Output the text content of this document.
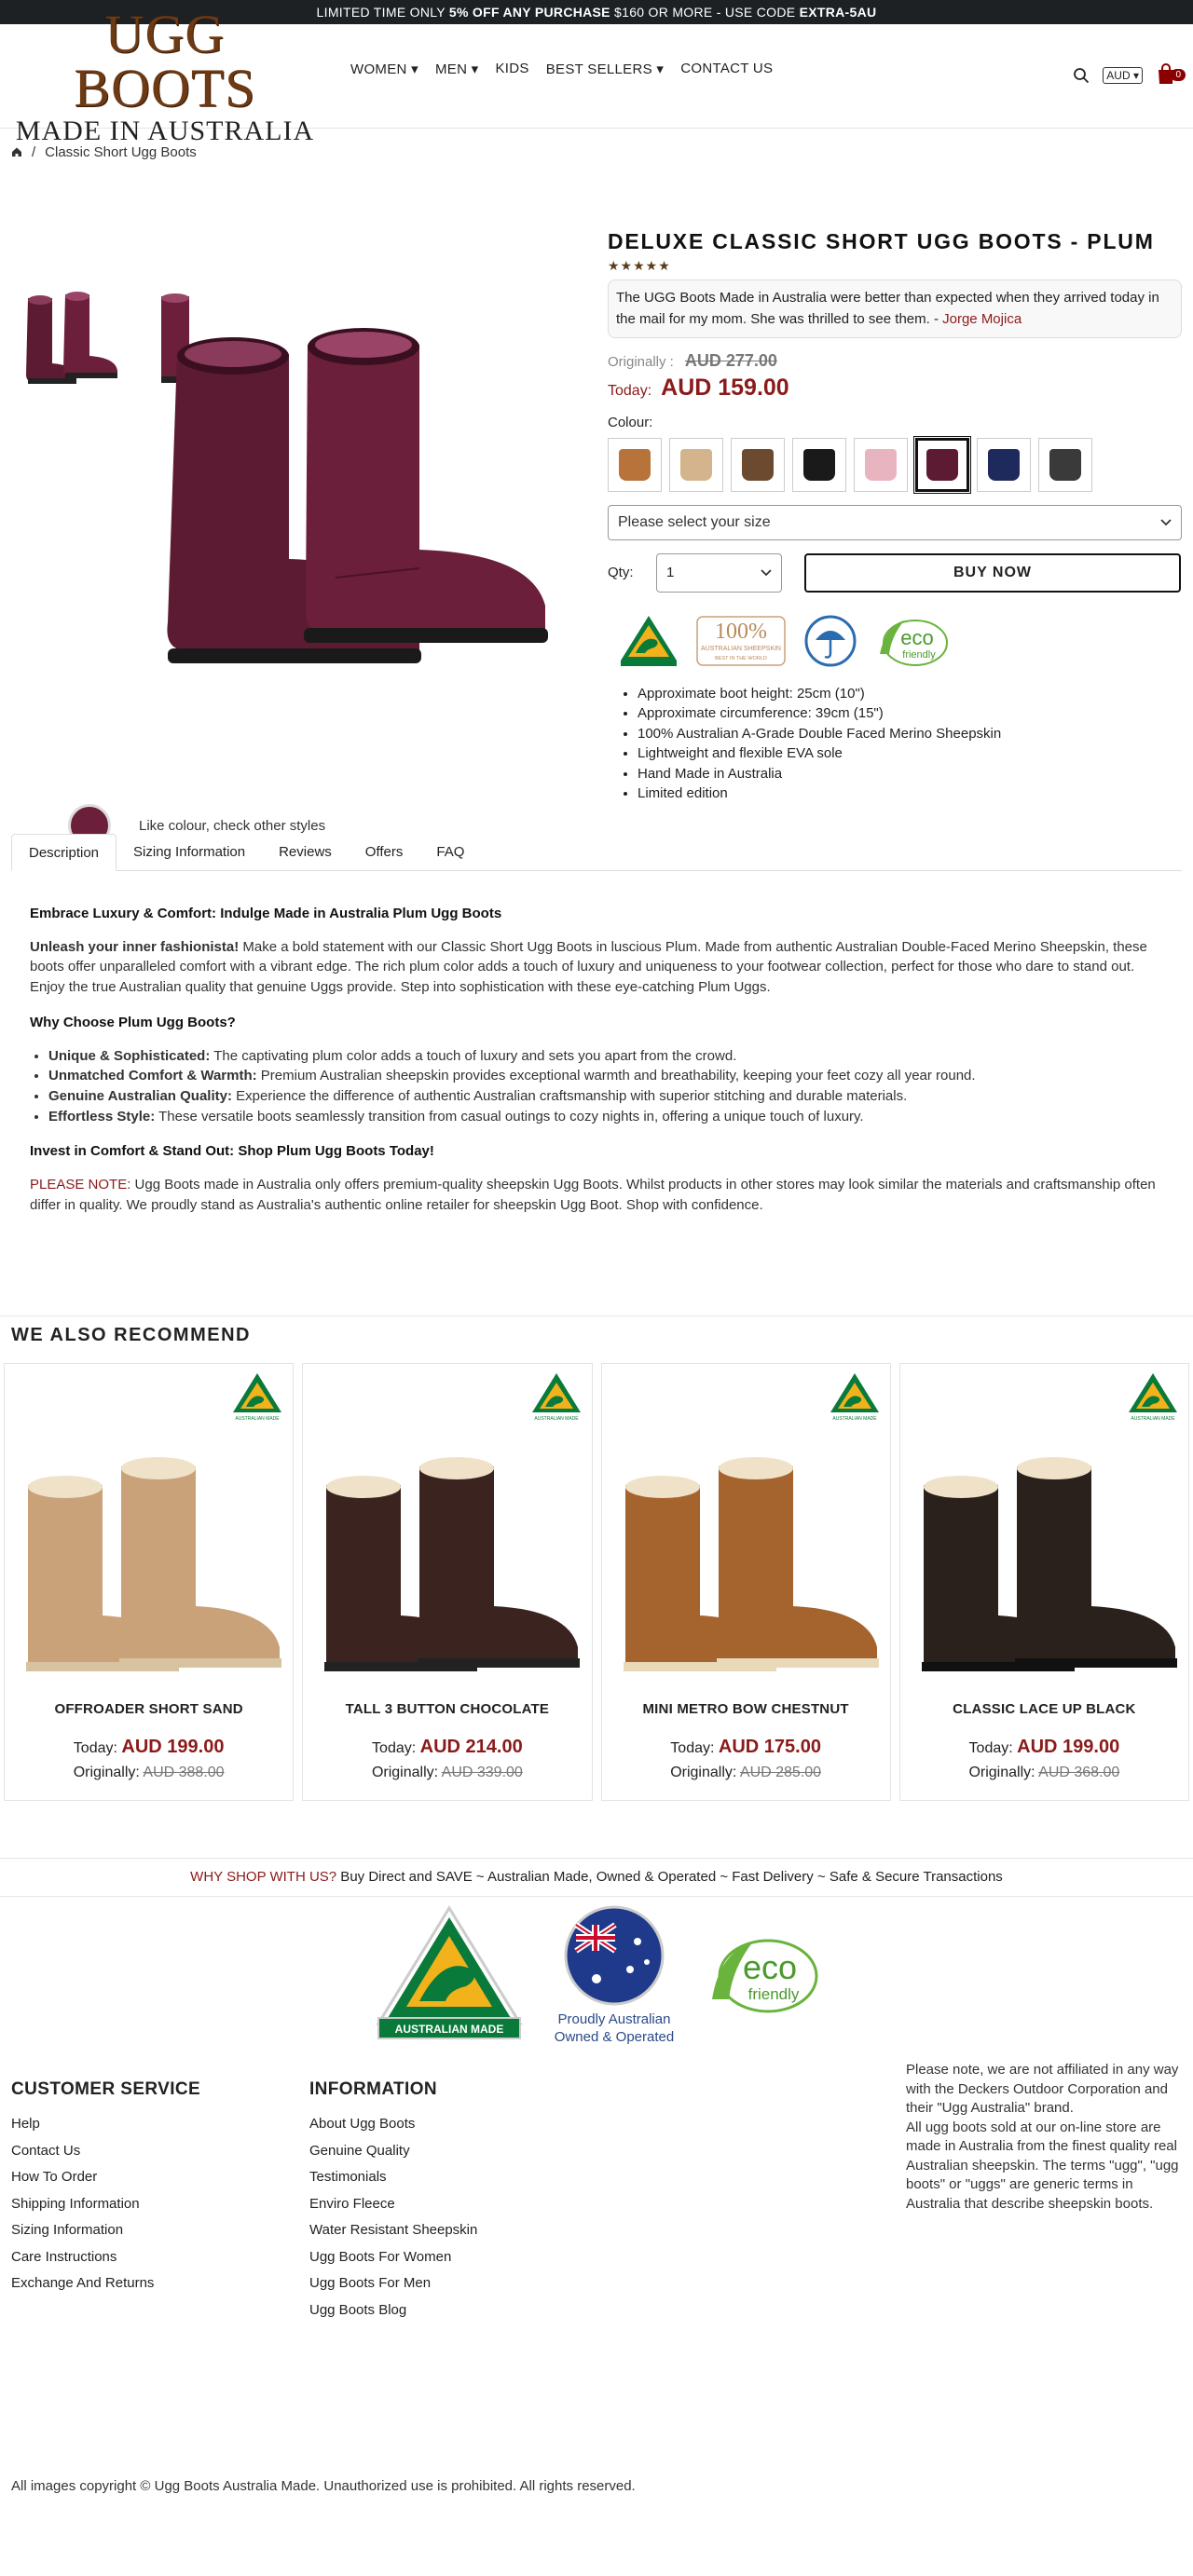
LIMITED TIME ONLY 5% OFF ANY PURCHASE $160 OR MORE - USE CODE EXTRA-5AU
UGG BOOTS
MADE IN AUSTRALIA
WOMEN ▾ MEN ▾ KIDS BEST SELLERS ▾ CONTACT US	AUD ▾	0
/ Classic Short Ugg Boots

Like colour, check other styles
DELUXE CLASSIC SHORT UGG BOOTS - PLUM
★★★★★
The UGG Boots Made in Australia were better than expected when they arrived today in the mail for my mom. She was thrilled to see them. - Jorge Mojica
Originally : AUD 277.00
Today: AUD 159.00
Colour:
Please select your size
Qty:	1	BUY NOW
100%
AUSTRALIAN SHEEPSKIN
BEST IN THE WORLD
eco
friendly
• Approximate boot height: 25cm (10")
• Approximate circumference: 39cm (15")
• 100% Australian A-Grade Double Faced Merino Sheepskin
• Lightweight and flexible EVA sole
• Hand Made in Australia
• Limited edition
Description	Sizing Information	Reviews	Offers	FAQ
Embrace Luxury & Comfort: Indulge Made in Australia Plum Ugg Boots

Unleash your inner fashionista! Make a bold statement with our Classic Short Ugg Boots in luscious Plum. Made from authentic Australian Double-Faced Merino Sheepskin, these boots offer unparalleled comfort with a vibrant edge. The rich plum color adds a touch of luxury and uniqueness to your footwear collection, perfect for those who dare to stand out. Enjoy the true Australian quality that genuine Uggs provide. Step into sophistication with these eye-catching Plum Uggs.

Why Choose Plum Ugg Boots?
• Unique & Sophisticated: The captivating plum color adds a touch of luxury and sets you apart from the crowd.
• Unmatched Comfort & Warmth: Premium Australian sheepskin provides exceptional warmth and breathability, keeping your feet cozy all year round.
• Genuine Australian Quality: Experience the difference of authentic Australian craftsmanship with superior stitching and durable materials.
• Effortless Style: These versatile boots seamlessly transition from casual outings to cozy nights in, offering a unique touch of luxury.
Invest in Comfort & Stand Out: Shop Plum Ugg Boots Today!

PLEASE NOTE: Ugg Boots made in Australia only offers premium-quality sheepskin Ugg Boots. Whilst products in other stores may look similar the materials and craftsmanship often differ in quality. We proudly stand as Australia's authentic online retailer for sheepskin Ugg Boot. Shop with confidence.

WE ALSO RECOMMEND
AUSTRALIAN MADE
OFFROADER SHORT SAND
Today: AUD 199.00
Originally: AUD 388.00
AUSTRALIAN MADE
TALL 3 BUTTON CHOCOLATE
Today: AUD 214.00
Originally: AUD 339.00
AUSTRALIAN MADE
MINI METRO BOW CHESTNUT
Today: AUD 175.00
Originally: AUD 285.00
AUSTRALIAN MADE
CLASSIC LACE UP BLACK
Today: AUD 199.00
Originally: AUD 368.00
WHY SHOP WITH US? Buy Direct and SAVE ~ Australian Made, Owned & Operated ~ Fast Delivery ~ Safe & Secure Transactions
AUSTRALIAN MADE
Proudly Australian
Owned & Operated
eco
friendly
CUSTOMER SERVICE
Help
Contact Us
How To Order
Shipping Information
Sizing Information
Care Instructions
Exchange And Returns
INFORMATION
About Ugg Boots
Genuine Quality
Testimonials
Enviro Fleece
Water Resistant Sheepskin
Ugg Boots For Women
Ugg Boots For Men
Ugg Boots Blog
Please note, we are not affiliated in any way with the Deckers Outdoor Corporation and their "Ugg Australia" brand.
All ugg boots sold at our on-line store are made in Australia from the finest quality real Australian sheepskin. The terms "ugg", "ugg boots" or "uggs" are generic terms in Australia that describe sheepskin boots.
All images copyright © Ugg Boots Australia Made. Unauthorized use is prohibited. All rights reserved.
